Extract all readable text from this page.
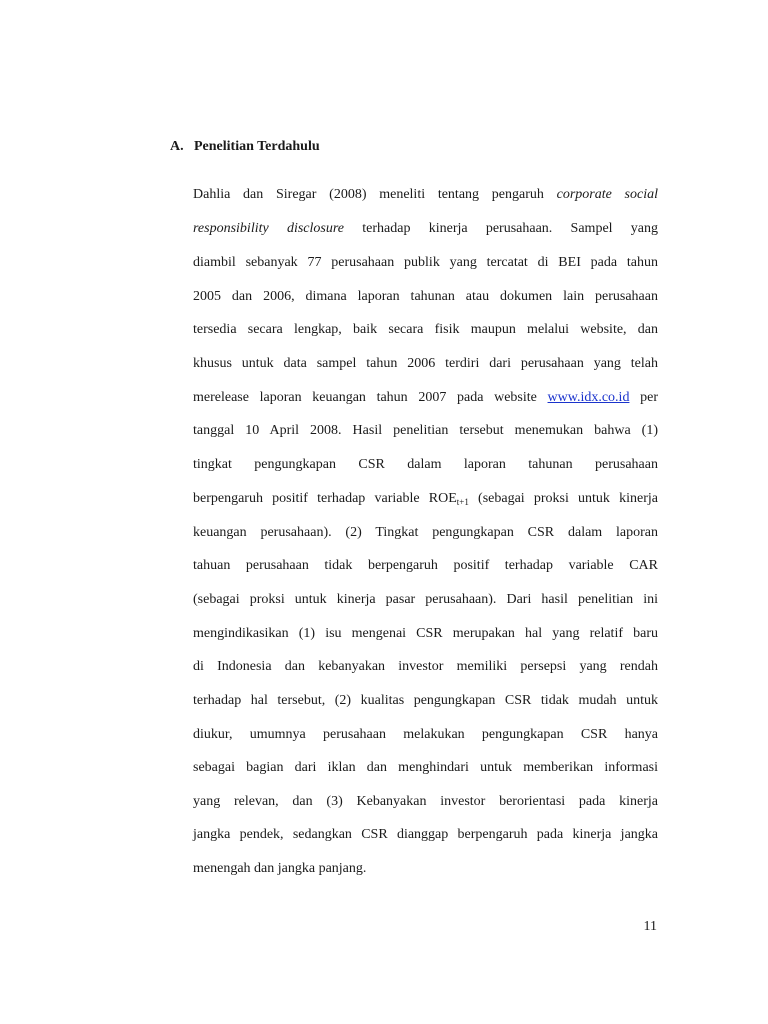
A. Penelitian Terdahulu
Dahlia dan Siregar (2008) meneliti tentang pengaruh corporate social
responsibility disclosure terhadap kinerja perusahaan. Sampel yang
diambil sebanyak 77 perusahaan publik yang tercatat di BEI pada tahun
2005 dan 2006, dimana laporan tahunan atau dokumen lain perusahaan
tersedia secara lengkap, baik secara fisik maupun melalui website, dan
khusus untuk data sampel tahun 2006 terdiri dari perusahaan yang telah
merelease laporan keuangan tahun 2007 pada website www.idx.co.id per
tanggal 10 April 2008. Hasil penelitian tersebut menemukan bahwa (1)
tingkat pengungkapan CSR dalam laporan tahunan perusahaan
berpengaruh positif terhadap variable $ROE_{t+1}$ (sebagai proksi untuk kinerja
keuangan perusahaan). (2) Tingkat pengungkapan CSR dalam laporan
tahuan perusahaan tidak berpengaruh positif terhadap variable CAR
(sebagai proksi untuk kinerja pasar perusahaan). Dari hasil penelitian ini
mengindikasikan (1) isu mengenai CSR merupakan hal yang relatif baru
di Indonesia dan kebanyakan investor memiliki persepsi yang rendah
terhadap hal tersebut, (2) kualitas pengungkapan CSR tidak mudah untuk
diukur, umumnya perusahaan melakukan pengungkapan CSR hanya
sebagai bagian dari iklan dan menghindari untuk memberikan informasi
yang relevan, dan (3) Kebanyakan investor berorientasi pada kinerja
jangka pendek, sedangkan CSR dianggap berpengaruh pada kinerja jangka
menengah dan jangka panjang.
11
